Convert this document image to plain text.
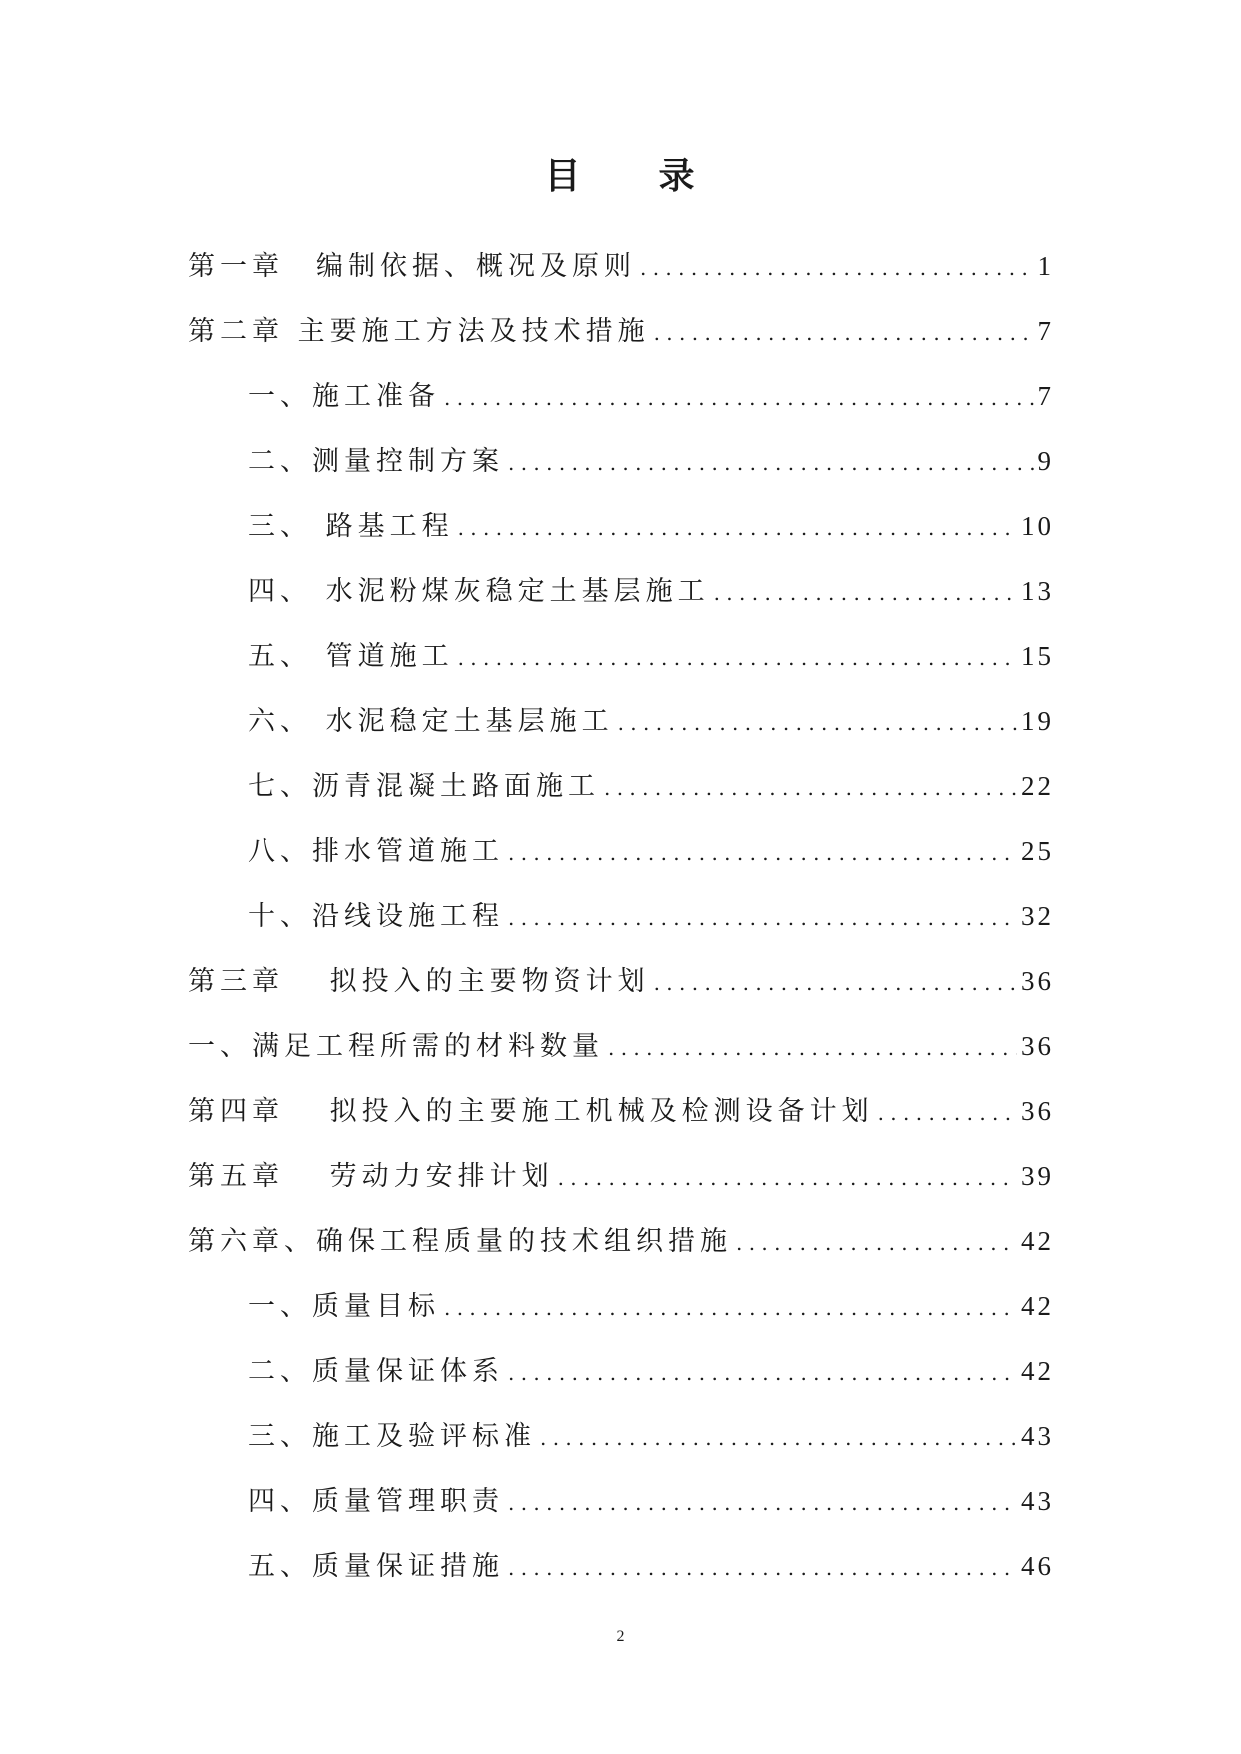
目　　录
第一章　编制依据、概况及原则 . . .	1
第二章 主要施工方法及技术措施 . . .	7
一、施工准备 . . .	7
二、测量控制方案 . . .	9
三、 路基工程 . . .	10
四、 水泥粉煤灰稳定土基层施工 . . .	13
五、 管道施工 . . .	15
六、 水泥稳定土基层施工 . . .	19
七、沥青混凝土路面施工 . . .	22
八、排水管道施工 . . .	25
十、沿线设施工程 . . .	32
第三章　 拟投入的主要物资计划 . . .	36
一、满足工程所需的材料数量 . . .	36
第四章　 拟投入的主要施工机械及检测设备计划 . . .	36
第五章　 劳动力安排计划 . . .	39
第六章、确保工程质量的技术组织措施 . . .	42
一、质量目标 . . .	42
二、质量保证体系 . . .	42
三、施工及验评标准 . . .	43
四、质量管理职责 . . .	43
五、质量保证措施 . . .	46
2
